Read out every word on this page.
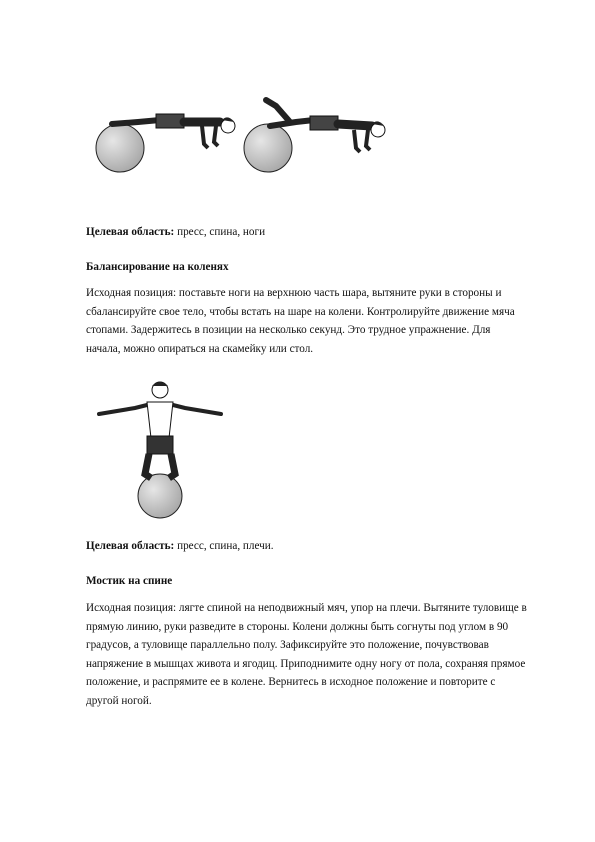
Целевая область: пресс, спина, ноги

Балансирование на коленях

Исходная позиция: поставьте ноги на верхнюю часть шара, вытяните руки в стороны и
сбалансируйте свое тело, чтобы встать на шаре на колени. Контролируйте движение мяча
стопами. Задержитесь в позиции на несколько секунд. Это трудное упражнение. Для
начала, можно опираться на скамейку или стол.

Целевая область: пресс, спина, плечи.

Мостик на спине

Исходная позиция: лягте спиной на неподвижный мяч, упор на плечи. Вытяните туловище в
прямую линию, руки разведите в стороны. Колени должны быть согнуты под углом в 90
градусов, а туловище параллельно полу. Зафиксируйте это положение, почувствовав
напряжение в мышцах живота и ягодиц. Приподнимите одну ногу от пола, сохраняя прямое
положение, и распрямите ее в колене. Вернитесь в исходное положение и повторите с
другой ногой.
